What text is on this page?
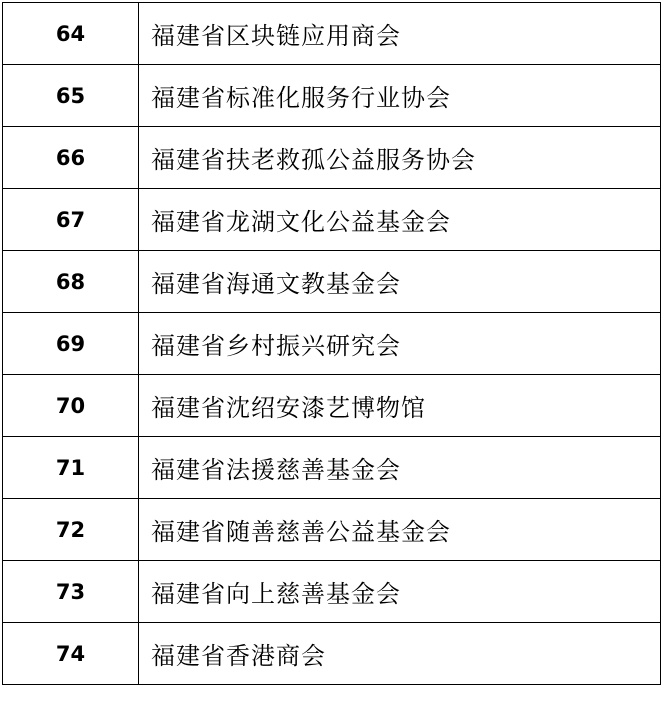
64	福建省区块链应用商会
65	福建省标准化服务行业协会
66	福建省扶老救孤公益服务协会
67	福建省龙湖文化公益基金会
68	福建省海通文教基金会
69	福建省乡村振兴研究会
70	福建省沈绍安漆艺博物馆
71	福建省法援慈善基金会
72	福建省随善慈善公益基金会
73	福建省向上慈善基金会
74	福建省香港商会
